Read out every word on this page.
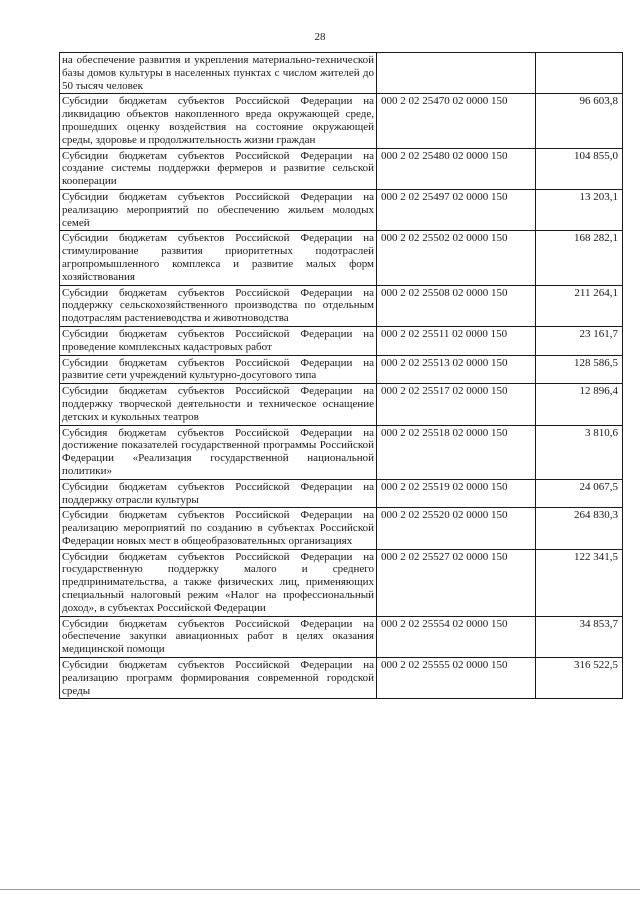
28
на обеспечение развития и укрепления материально-технической базы домов культуры в населенных пунктах с числом жителей до 50 тысяч человек		
Субсидии бюджетам субъектов Российской Федерации на ликвидацию объектов накопленного вреда окружающей среде, прошедших оценку воздействия на состояние окружающей среды, здоровье и продолжительность жизни граждан	000 2 02 25470 02 0000 150	96 603,8
Субсидии бюджетам субъектов Российской Федерации на создание системы поддержки фермеров и развитие сельской кооперации	000 2 02 25480 02 0000 150	104 855,0
Субсидии бюджетам субъектов Российской Федерации на реализацию мероприятий по обеспечению жильем молодых семей	000 2 02 25497 02 0000 150	13 203,1
Субсидии бюджетам субъектов Российской Федерации на стимулирование развития приоритетных подотраслей агропромышленного комплекса и развитие малых форм хозяйствования	000 2 02 25502 02 0000 150	168 282,1
Субсидии бюджетам субъектов Российской Федерации на поддержку сельскохозяйственного производства по отдельным подотраслям растениеводства и животноводства	000 2 02 25508 02 0000 150	211 264,1
Субсидии бюджетам субъектов Российской Федерации на проведение комплексных кадастровых работ	000 2 02 25511 02 0000 150	23 161,7
Субсидии бюджетам субъектов Российской Федерации на развитие сети учреждений культурно-досугового типа	000 2 02 25513 02 0000 150	128 586,5
Субсидии бюджетам субъектов Российской Федерации на поддержку творческой деятельности и техническое оснащение детских и кукольных театров	000 2 02 25517 02 0000 150	12 896,4
Субсидия бюджетам субъектов Российской Федерации на достижение показателей государственной программы Российской Федерации «Реализация государственной национальной политики»	000 2 02 25518 02 0000 150	3 810,6
Субсидии бюджетам субъектов Российской Федерации на поддержку отрасли культуры	000 2 02 25519 02 0000 150	24 067,5
Субсидии бюджетам субъектов Российской Федерации на реализацию мероприятий по созданию в субъектах Российской Федерации новых мест в общеобразовательных организациях	000 2 02 25520 02 0000 150	264 830,3
Субсидии бюджетам субъектов Российской Федерации на государственную поддержку малого и среднего предпринимательства, а также физических лиц, применяющих специальный налоговый режим «Налог на профессиональный доход», в субъектах Российской Федерации	000 2 02 25527 02 0000 150	122 341,5
Субсидии бюджетам субъектов Российской Федерации на обеспечение закупки авиационных работ в целях оказания медицинской помощи	000 2 02 25554 02 0000 150	34 853,7
Субсидии бюджетам субъектов Российской Федерации на реализацию программ формирования современной городской среды	000 2 02 25555 02 0000 150	316 522,5
